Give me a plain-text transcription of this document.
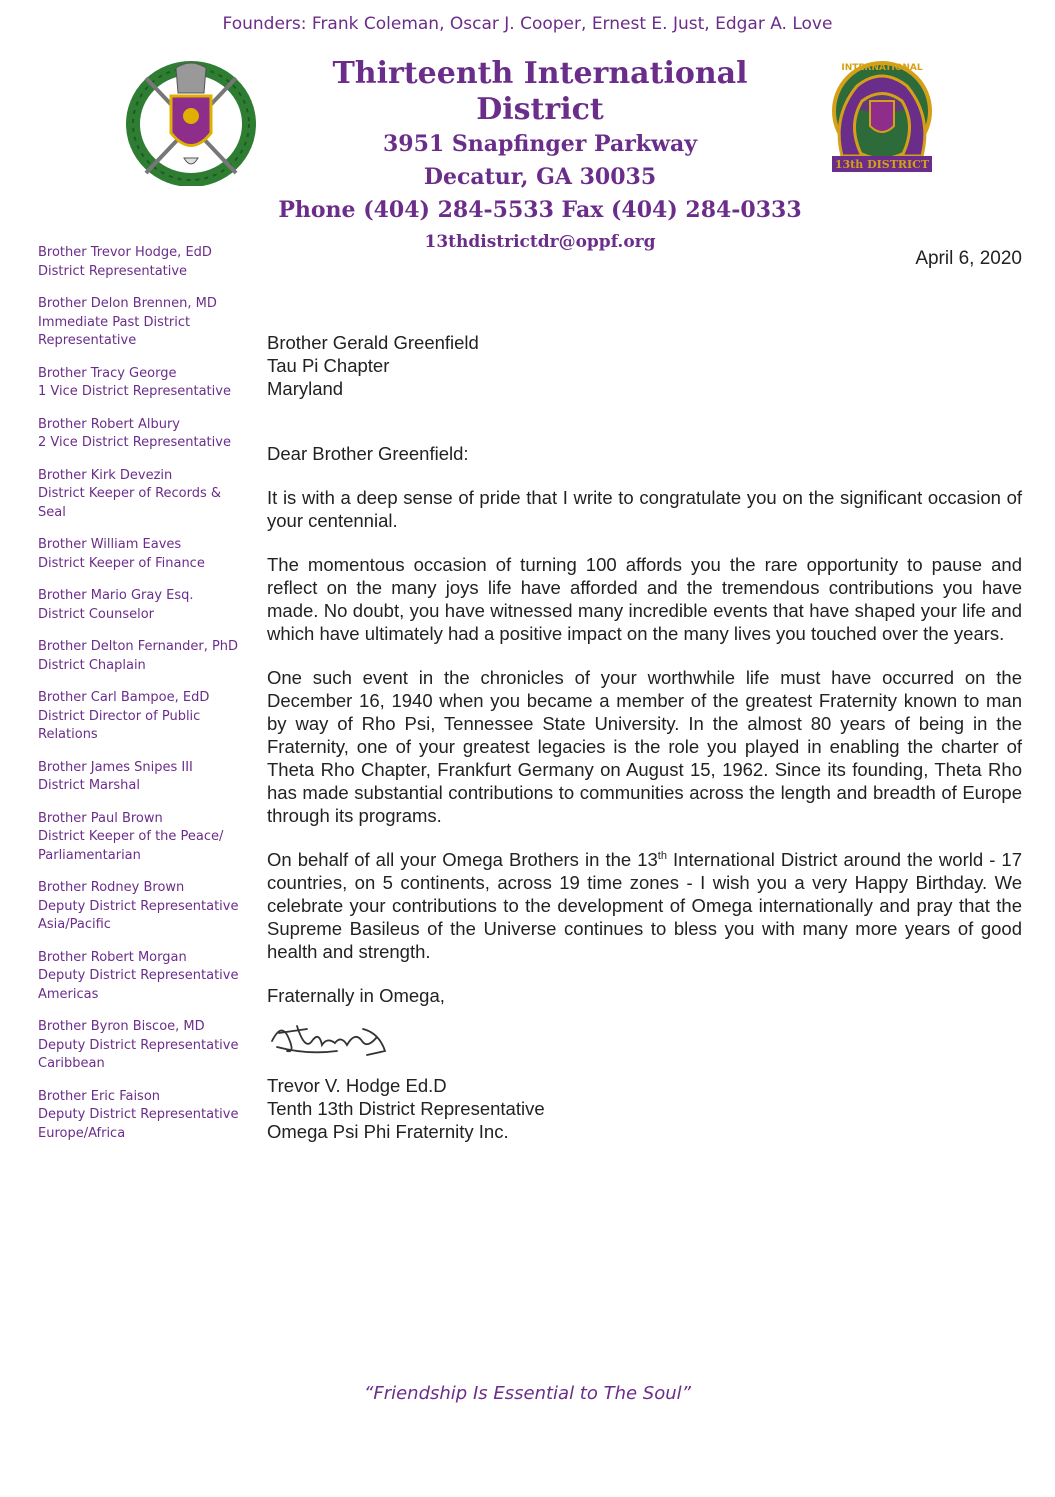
Founders: Frank Coleman, Oscar J. Cooper, Ernest E. Just, Edgar A. Love
Thirteenth International District
3951 Snapfinger Parkway
Decatur, GA 30035
Phone (404) 284-5533 Fax (404) 284-0333
13thdistrictdr@oppf.org
INTERNATIONAL
13th DISTRICT
Brother Trevor Hodge, EdD
District Representative
Brother Delon Brennen, MD
Immediate Past District
Representative
Brother Tracy George
1 Vice District Representative
Brother Robert Albury
2 Vice District Representative
Brother Kirk Devezin
District Keeper of Records &
Seal
Brother William Eaves
District Keeper of Finance
Brother Mario Gray Esq.
District Counselor
Brother Delton Fernander, PhD
District Chaplain
Brother Carl Bampoe, EdD
District Director of Public
Relations
Brother James Snipes III
District Marshal
Brother Paul Brown
District Keeper of the Peace/
Parliamentarian
Brother Rodney Brown
Deputy District Representative
Asia/Pacific
Brother Robert Morgan
Deputy District Representative
Americas
Brother Byron Biscoe, MD
Deputy District Representative
Caribbean
Brother Eric Faison
Deputy District Representative
Europe/Africa
April 6, 2020

Brother Gerald Greenfield
Tau Pi Chapter
Maryland

Dear Brother Greenfield:

It is with a deep sense of pride that I write to congratulate you on the significant occasion of your centennial.

The momentous occasion of turning 100 affords you the rare opportunity to pause and reflect on the many joys life have afforded and the tremendous contributions you have made. No doubt, you have witnessed many incredible events that have shaped your life and which have ultimately had a positive impact on the many lives you touched over the years.

One such event in the chronicles of your worthwhile life must have occurred on the December 16, 1940 when you became a member of the greatest Fraternity known to man by way of Rho Psi, Tennessee State University. In the almost 80 years of being in the Fraternity, one of your greatest legacies is the role you played in enabling the charter of Theta Rho Chapter, Frankfurt Germany on August 15, 1962. Since its founding, Theta Rho has made substantial contributions to communities across the length and breadth of Europe through its programs.

On behalf of all your Omega Brothers in the 13th International District around the world - 17 countries, on 5 continents, across 19 time zones - I wish you a very Happy Birthday. We celebrate your contributions to the development of Omega internationally and pray that the Supreme Basileus of the Universe continues to bless you with many more years of good health and strength.

Fraternally in Omega,

Trevor V. Hodge Ed.D
Tenth 13th District Representative
Omega Psi Phi Fraternity Inc.
“Friendship Is Essential to The Soul”
